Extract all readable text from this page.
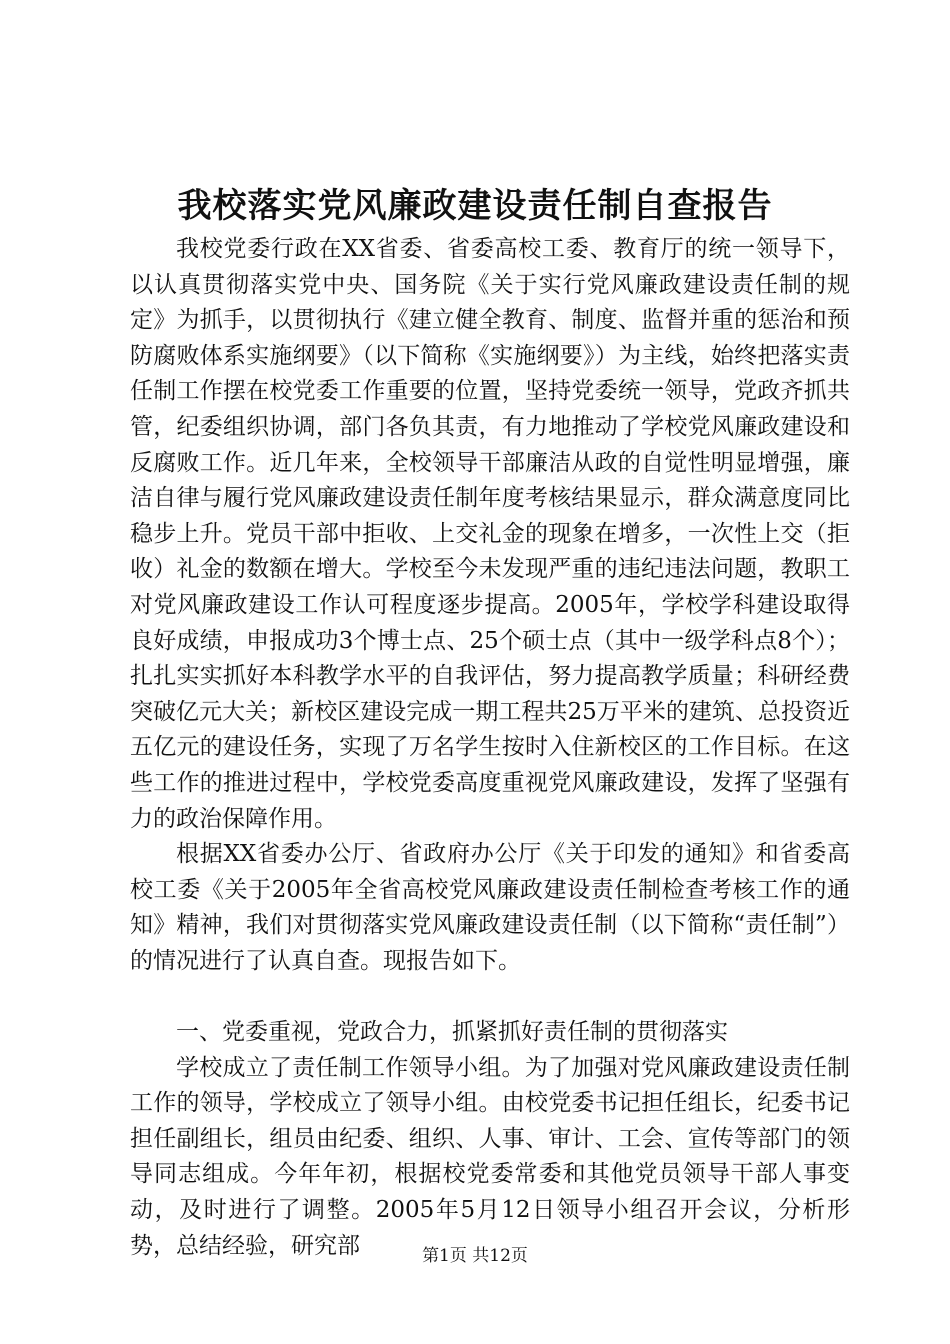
我校落实党风廉政建设责任制自查报告

我校党委行政在XX省委、省委高校工委、教育厅的统一领导下，以认真贯彻落实党中央、国务院《关于实行党风廉政建设责任制的规定》为抓手，以贯彻执行《建立健全教育、制度、监督并重的惩治和预防腐败体系实施纲要》（以下简称《实施纲要》）为主线，始终把落实责任制工作摆在校党委工作重要的位置，坚持党委统一领导，党政齐抓共管，纪委组织协调，部门各负其责，有力地推动了学校党风廉政建设和反腐败工作。近几年来，全校领导干部廉洁从政的自觉性明显增强，廉洁自律与履行党风廉政建设责任制年度考核结果显示，群众满意度同比稳步上升。党员干部中拒收、上交礼金的现象在增多，一次性上交（拒收）礼金的数额在增大。学校至今未发现严重的违纪违法问题，教职工对党风廉政建设工作认可程度逐步提高。2005年，学校学科建设取得良好成绩，申报成功3个博士点、25个硕士点（其中一级学科点8个）；扎扎实实抓好本科教学水平的自我评估，努力提高教学质量；科研经费突破亿元大关；新校区建设完成一期工程共25万平米的建筑、总投资近五亿元的建设任务，实现了万名学生按时入住新校区的工作目标。在这些工作的推进过程中，学校党委高度重视党风廉政建设，发挥了坚强有力的政治保障作用。

根据XX省委办公厅、省政府办公厅《关于印发的通知》和省委高校工委《关于2005年全省高校党风廉政建设责任制检查考核工作的通知》精神，我们对贯彻落实党风廉政建设责任制（以下简称“责任制”）的情况进行了认真自查。现报告如下。

一、党委重视，党政合力，抓紧抓好责任制的贯彻落实

学校成立了责任制工作领导小组。为了加强对党风廉政建设责任制工作的领导，学校成立了领导小组。由校党委书记担任组长，纪委书记担任副组长，组员由纪委、组织、人事、审计、工会、宣传等部门的领导同志组成。今年年初，根据校党委常委和其他党员领导干部人事变动，及时进行了调整。2005年5月12日领导小组召开会议，分析形势，总结经验，研究部	第1页 共12页
